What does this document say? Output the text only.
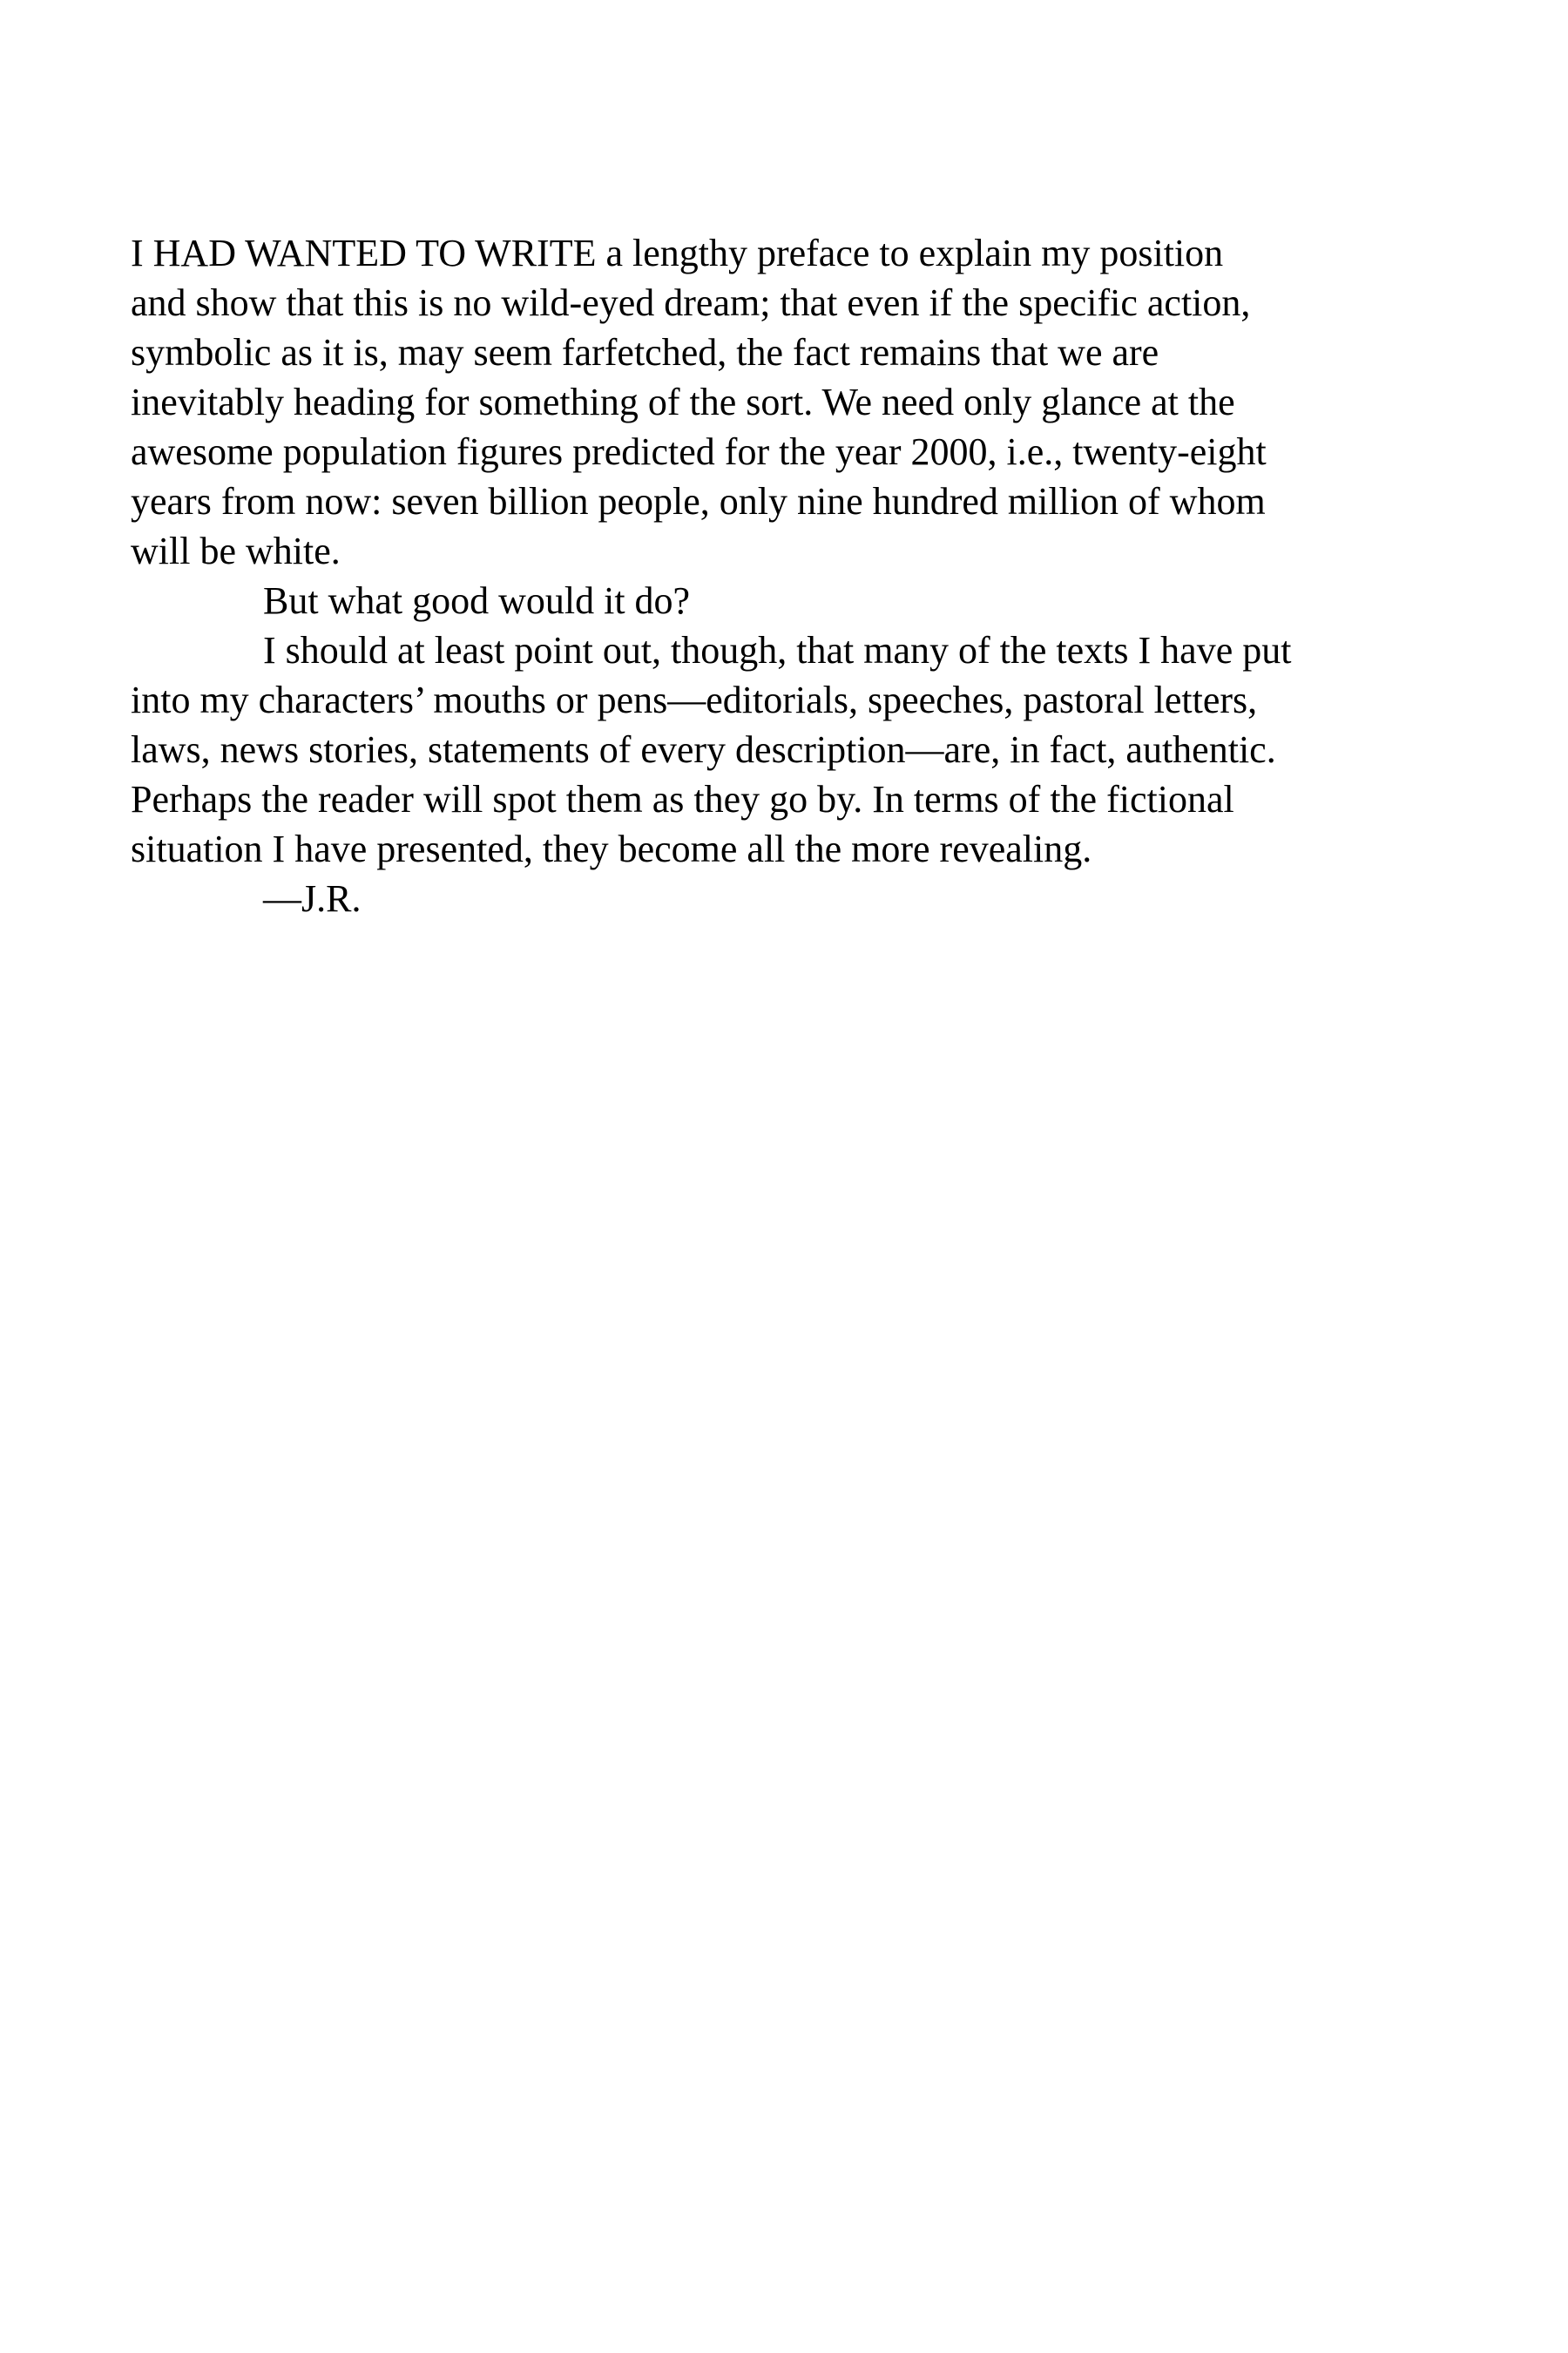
I HAD WANTED TO WRITE a lengthy preface to explain my position
and show that this is no wild-eyed dream; that even if the specific action,
symbolic as it is, may seem farfetched, the fact remains that we are
inevitably heading for something of the sort. We need only glance at the
awesome population figures predicted for the year 2000, i.e., twenty-eight
years from now: seven billion people, only nine hundred million of whom
will be white.
But what good would it do?
I should at least point out, though, that many of the texts I have put
into my characters’ mouths or pens—editorials, speeches, pastoral letters,
laws, news stories, statements of every description—are, in fact, authentic.
Perhaps the reader will spot them as they go by. In terms of the fictional
situation I have presented, they become all the more revealing.
—J.R.
